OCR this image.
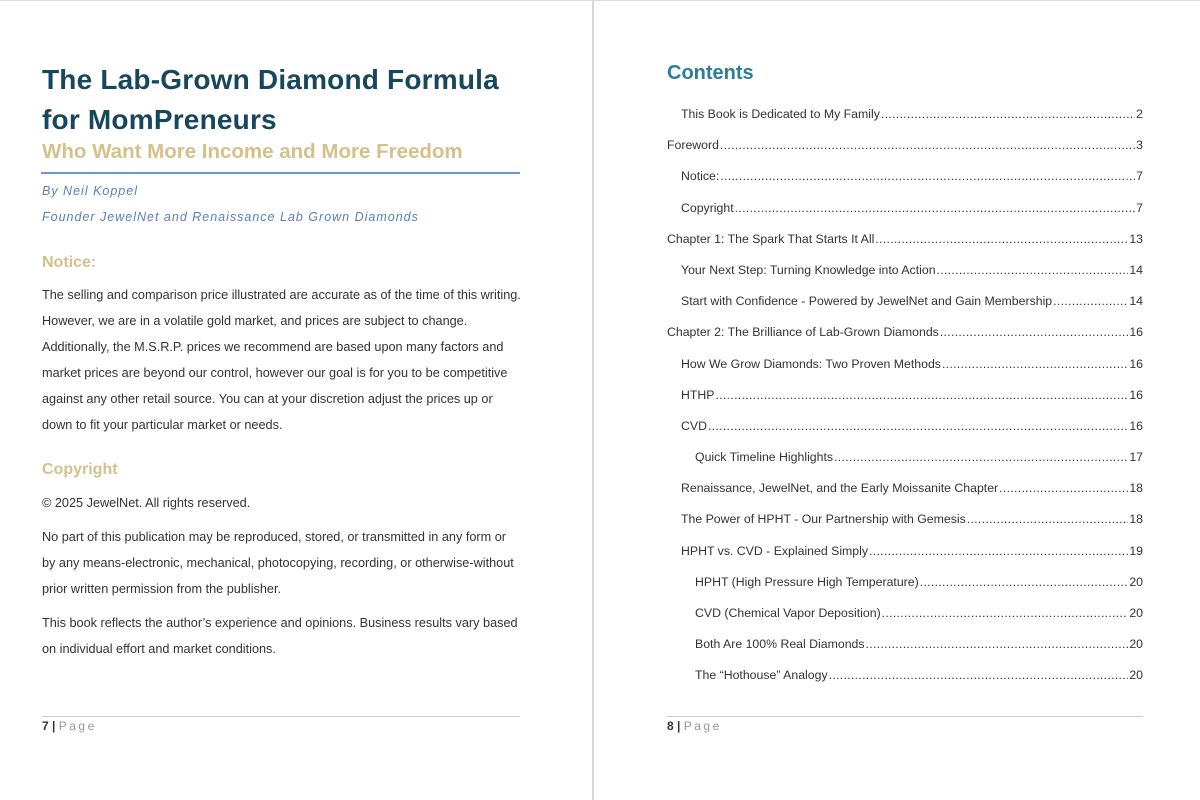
The Lab-Grown Diamond Formula for MomPreneurs
Who Want More Income and More Freedom
By Neil Koppel
Founder JewelNet and Renaissance Lab Grown Diamonds
Notice:
The selling and comparison price illustrated are accurate as of the time of this writing. However, we are in a volatile gold market, and prices are subject to change. Additionally, the M.S.R.P. prices we recommend are based upon many factors and market prices are beyond our control, however our goal is for you to be competitive against any other retail source. You can at your discretion adjust the prices up or down to fit your particular market or needs.
Copyright
© 2025 JewelNet. All rights reserved.
No part of this publication may be reproduced, stored, or transmitted in any form or by any means-electronic, mechanical, photocopying, recording, or otherwise-without prior written permission from the publisher.
This book reflects the author’s experience and opinions. Business results vary based on individual effort and market conditions.
7 | Page
Contents
This Book is Dedicated to My Family .....	2
Foreword .....	3
Notice: .....	7
Copyright .....	7
Chapter 1: The Spark That Starts It All .....	13
Your Next Step: Turning Knowledge into Action .....	14
Start with Confidence - Powered by JewelNet and Gain Membership .....	14
Chapter 2: The Brilliance of Lab-Grown Diamonds .....	16
How We Grow Diamonds: Two Proven Methods .....	16
HTHP .....	16
CVD .....	16
Quick Timeline Highlights .....	17
Renaissance, JewelNet, and the Early Moissanite Chapter .....	18
The Power of HPHT - Our Partnership with Gemesis .....	18
HPHT vs. CVD - Explained Simply .....	19
HPHT (High Pressure High Temperature) .....	20
CVD (Chemical Vapor Deposition) .....	20
Both Are 100% Real Diamonds .....	20
The “Hothouse” Analogy .....	20
8 | Page
